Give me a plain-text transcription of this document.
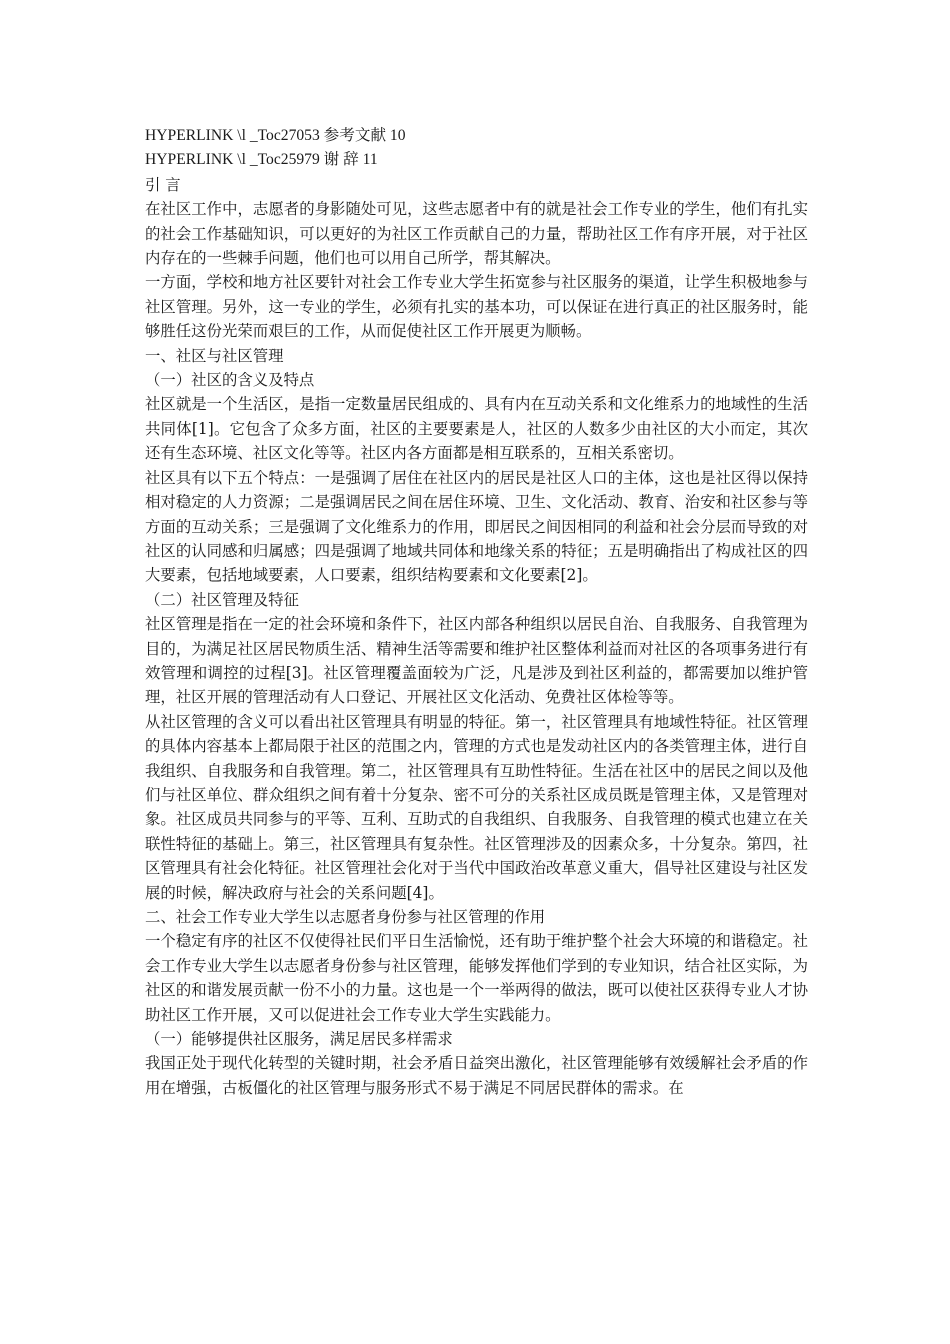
HYPERLINK \l _Toc27053 参考文献 10

HYPERLINK \l _Toc25979 谢 辞 11

引 言

在社区工作中，志愿者的身影随处可见，这些志愿者中有的就是社会工作专业的学生，他们有扎实的社会工作基础知识，可以更好的为社区工作贡献自己的力量，帮助社区工作有序开展，对于社区内存在的一些棘手问题，他们也可以用自己所学，帮其解决。

一方面，学校和地方社区要针对社会工作专业大学生拓宽参与社区服务的渠道，让学生积极地参与社区管理。另外，这一专业的学生，必须有扎实的基本功，可以保证在进行真正的社区服务时，能够胜任这份光荣而艰巨的工作，从而促使社区工作开展更为顺畅。

一、社区与社区管理

（一）社区的含义及特点

社区就是一个生活区，是指一定数量居民组成的、具有内在互动关系和文化维系力的地域性的生活共同体[1]。它包含了众多方面，社区的主要要素是人，社区的人数多少由社区的大小而定，其次还有生态环境、社区文化等等。社区内各方面都是相互联系的，互相关系密切。

社区具有以下五个特点：一是强调了居住在社区内的居民是社区人口的主体，这也是社区得以保持相对稳定的人力资源；二是强调居民之间在居住环境、卫生、文化活动、教育、治安和社区参与等方面的互动关系；三是强调了文化维系力的作用，即居民之间因相同的利益和社会分层而导致的对社区的认同感和归属感；四是强调了地域共同体和地缘关系的特征；五是明确指出了构成社区的四大要素，包括地域要素，人口要素，组织结构要素和文化要素[2]。

（二）社区管理及特征

社区管理是指在一定的社会环境和条件下，社区内部各种组织以居民自治、自我服务、自我管理为目的，为满足社区居民物质生活、精神生活等需要和维护社区整体利益而对社区的各项事务进行有效管理和调控的过程[3]。社区管理覆盖面较为广泛，凡是涉及到社区利益的，都需要加以维护管理，社区开展的管理活动有人口登记、开展社区文化活动、免费社区体检等等。

从社区管理的含义可以看出社区管理具有明显的特征。第一，社区管理具有地域性特征。社区管理的具体内容基本上都局限于社区的范围之内，管理的方式也是发动社区内的各类管理主体，进行自我组织、自我服务和自我管理。第二，社区管理具有互助性特征。生活在社区中的居民之间以及他们与社区单位、群众组织之间有着十分复杂、密不可分的关系社区成员既是管理主体，又是管理对象。社区成员共同参与的平等、互利、互助式的自我组织、自我服务、自我管理的模式也建立在关联性特征的基础上。第三，社区管理具有复杂性。社区管理涉及的因素众多，十分复杂。第四，社区管理具有社会化特征。社区管理社会化对于当代中国政治改革意义重大，倡导社区建设与社区发展的时候，解决政府与社会的关系问题[4]。

二、社会工作专业大学生以志愿者身份参与社区管理的作用

一个稳定有序的社区不仅使得社民们平日生活愉悦，还有助于维护整个社会大环境的和谐稳定。社会工作专业大学生以志愿者身份参与社区管理，能够发挥他们学到的专业知识，结合社区实际，为社区的和谐发展贡献一份不小的力量。这也是一个一举两得的做法，既可以使社区获得专业人才协助社区工作开展，又可以促进社会工作专业大学生实践能力。

（一）能够提供社区服务，满足居民多样需求

我国正处于现代化转型的关键时期，社会矛盾日益突出激化，社区管理能够有效缓解社会矛盾的作用在增强，古板僵化的社区管理与服务形式不易于满足不同居民群体的需求。在
